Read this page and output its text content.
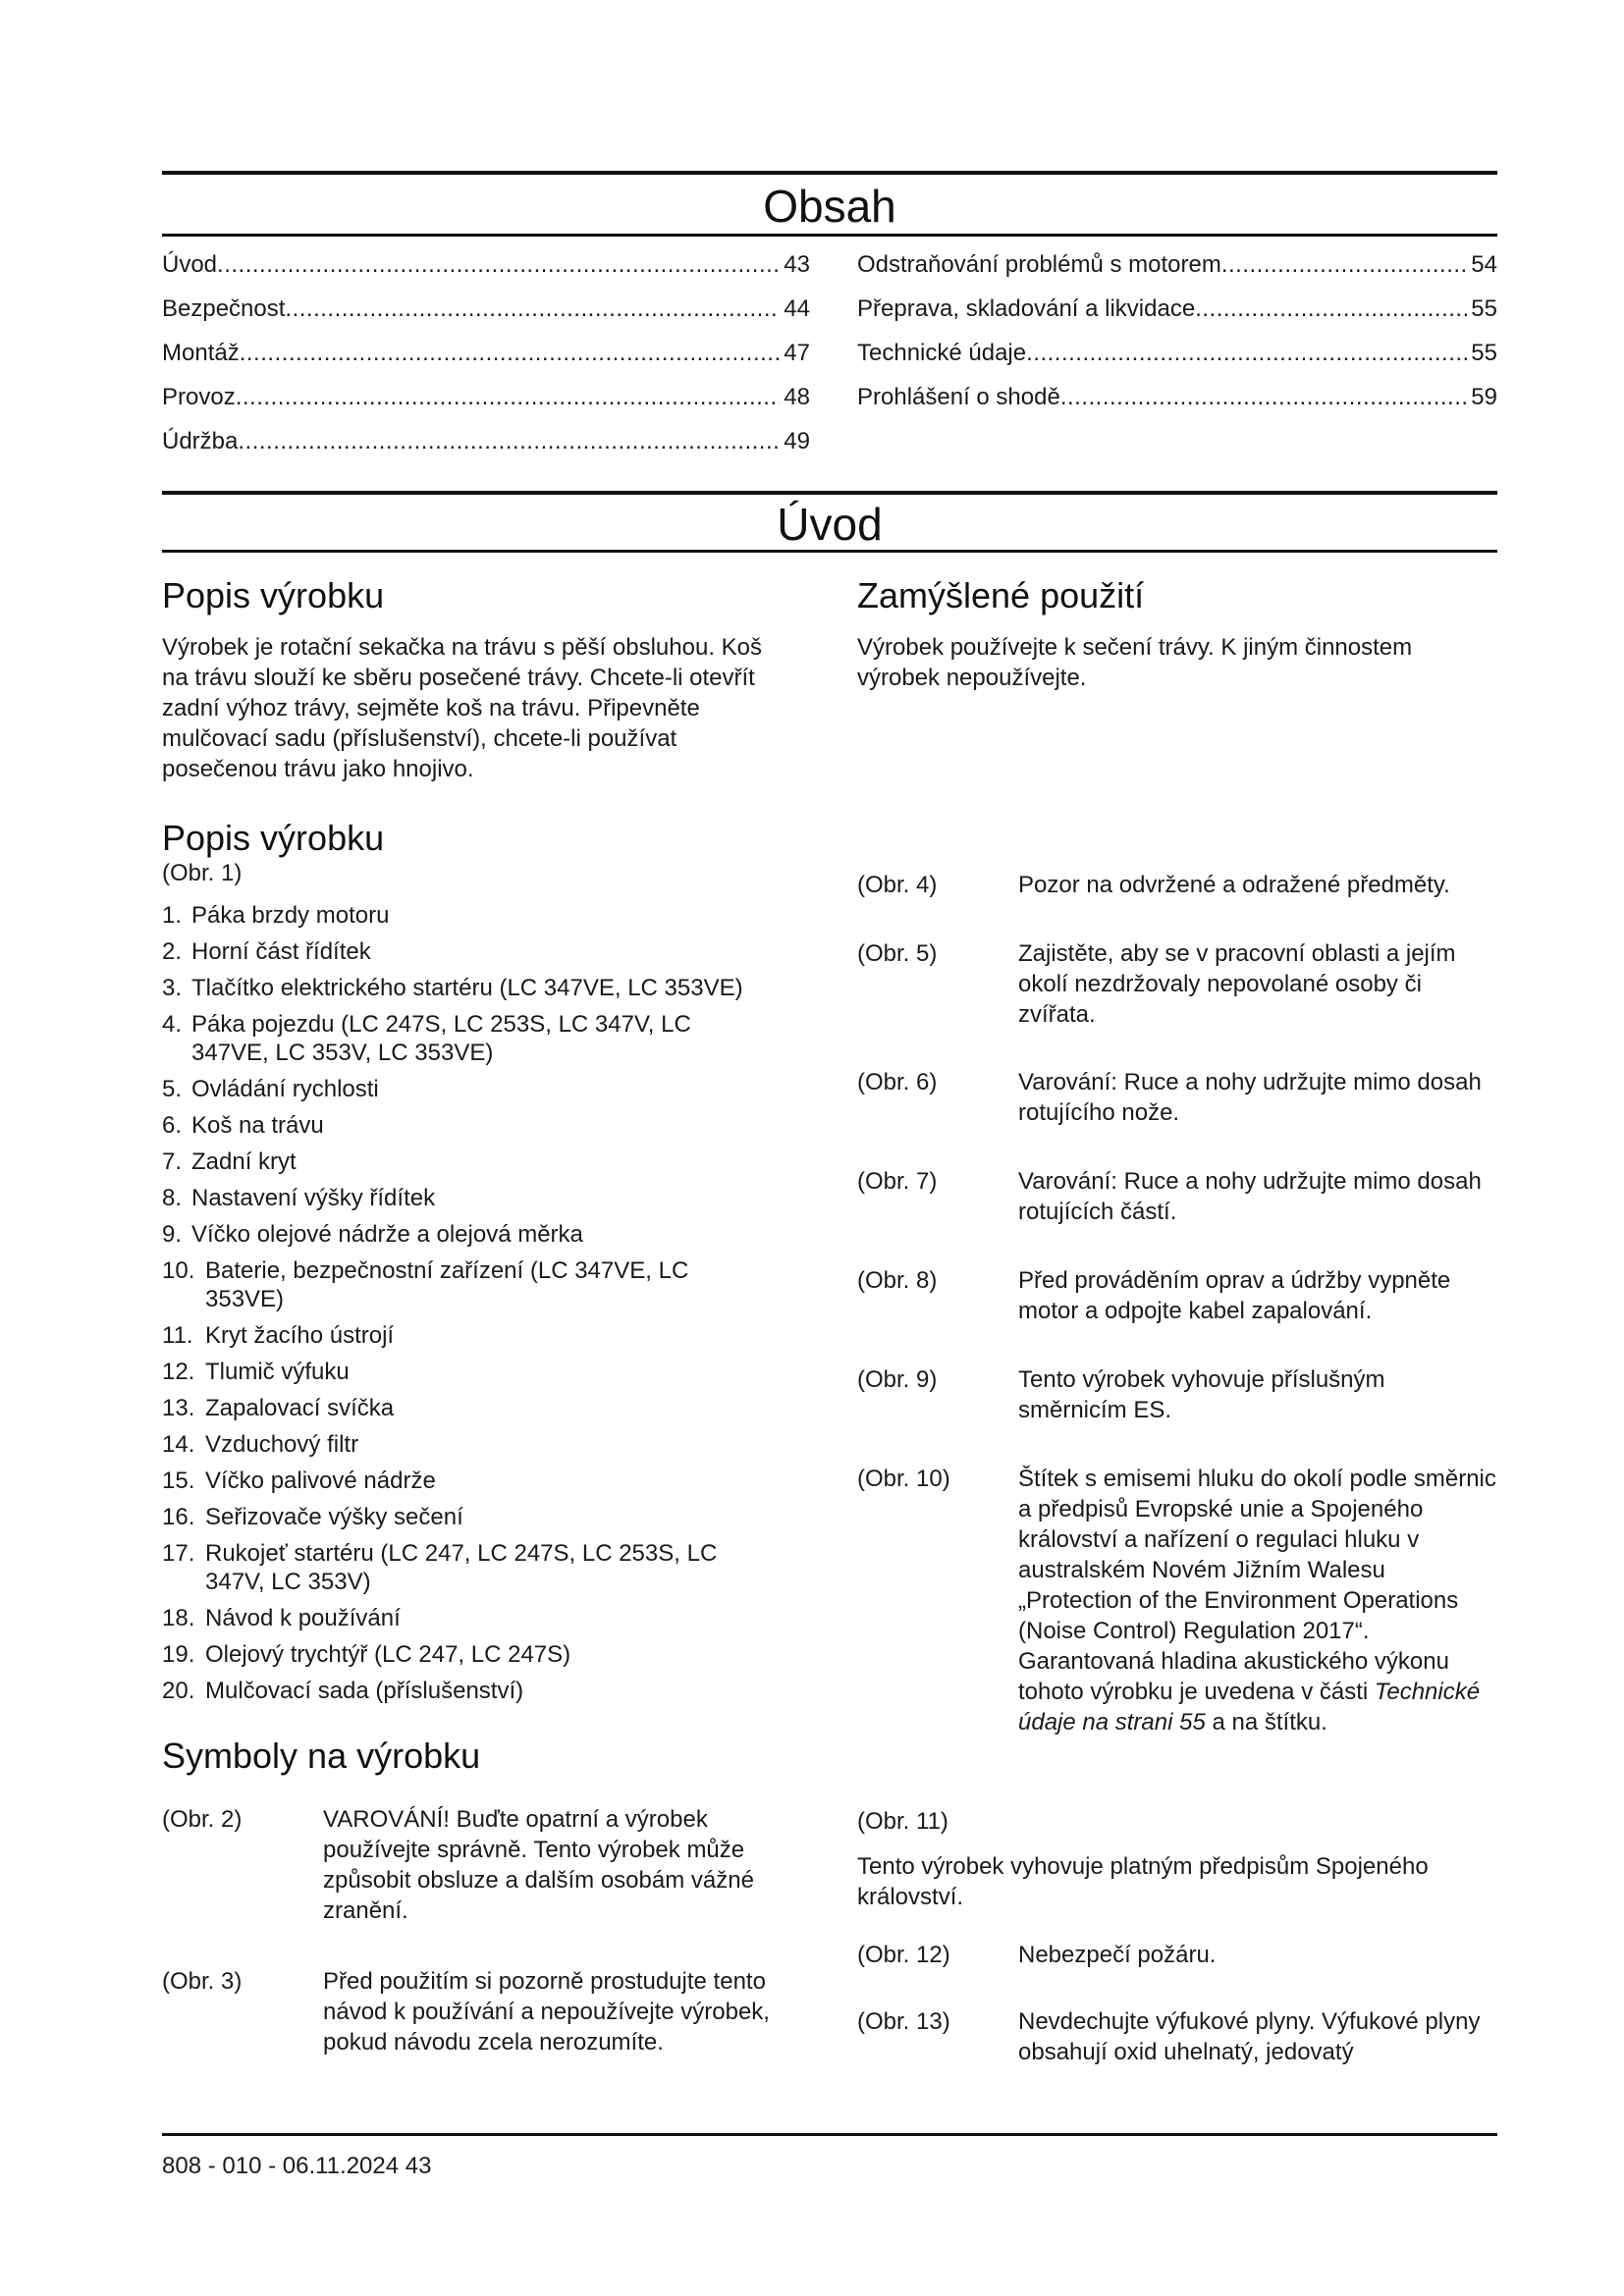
Obsah
Úvod .....	43
Bezpečnost .....	44
Montáž .....	47
Provoz .....	48
Údržba .....	49
Odstraňování problémů s motorem .....	54
Přeprava, skladování a likvidace .....	55
Technické údaje .....	55
Prohlášení o shodě .....	59
Úvod
Popis výrobku

Výrobek je rotační sekačka na trávu s pěší obsluhou. Koš na trávu slouží ke sběru posečené trávy. Chcete-li otevřít zadní výhoz trávy, sejměte koš na trávu. Připevněte mulčovací sadu (příslušenství), chcete-li používat posečenou trávu jako hnojivo.

Zamýšlené použití

Výrobek používejte k sečení trávy. K jiným činnostem výrobek nepoužívejte.

Popis výrobku
(Obr. 1)
1. Páka brzdy motoru
2. Horní část řídítek
3. Tlačítko elektrického startéru (LC 347VE, LC 353VE)
4. Páka pojezdu (LC 247S, LC 253S, LC 347V, LC 347VE, LC 353V, LC 353VE)
5. Ovládání rychlosti
6. Koš na trávu
7. Zadní kryt
8. Nastavení výšky řídítek
9. Víčko olejové nádrže a olejová měrka
10. Baterie, bezpečnostní zařízení (LC 347VE, LC 353VE)
11. Kryt žacího ústrojí
12. Tlumič výfuku
13. Zapalovací svíčka
14. Vzduchový filtr
15. Víčko palivové nádrže
16. Seřizovače výšky sečení
17. Rukojeť startéru (LC 247, LC 247S, LC 253S, LC 347V, LC 353V)
18. Návod k používání
19. Olejový trychtýř (LC 247, LC 247S)
20. Mulčovací sada (příslušenství)
Symboly na výrobku
(Obr. 2)	VAROVÁNÍ! Buďte opatrní a výrobek používejte správně. Tento výrobek může způsobit obsluze a dalším osobám vážné zranění.
(Obr. 3)	Před použitím si pozorně prostudujte tento návod k používání a nepoužívejte výrobek, pokud návodu zcela nerozumíte.
(Obr. 4)	Pozor na odvržené a odražené předměty.
(Obr. 5)	Zajistěte, aby se v pracovní oblasti a jejím okolí nezdržovaly nepovolané osoby či zvířata.
(Obr. 6)	Varování: Ruce a nohy udržujte mimo dosah rotujícího nože.
(Obr. 7)	Varování: Ruce a nohy udržujte mimo dosah rotujících částí.
(Obr. 8)	Před prováděním oprav a údržby vypněte motor a odpojte kabel zapalování.
(Obr. 9)	Tento výrobek vyhovuje příslušným směrnicím ES.
(Obr. 10)	Štítek s emisemi hluku do okolí podle směrnic a předpisů Evropské unie a Spojeného království a nařízení o regulaci hluku v australském Novém Jižním Walesu „Protection of the Environment Operations (Noise Control) Regulation 2017“. Garantovaná hladina akustického výkonu tohoto výrobku je uvedena v části Technické údaje na strani 55 a na štítku.
(Obr. 11)
Tento výrobek vyhovuje platným předpisům Spojeného království.
(Obr. 12)	Nebezpečí požáru.
(Obr. 13)	Nevdechujte výfukové plyny. Výfukové plyny obsahují oxid uhelnatý, jedovatý
808 - 010 - 06.11.2024 43
